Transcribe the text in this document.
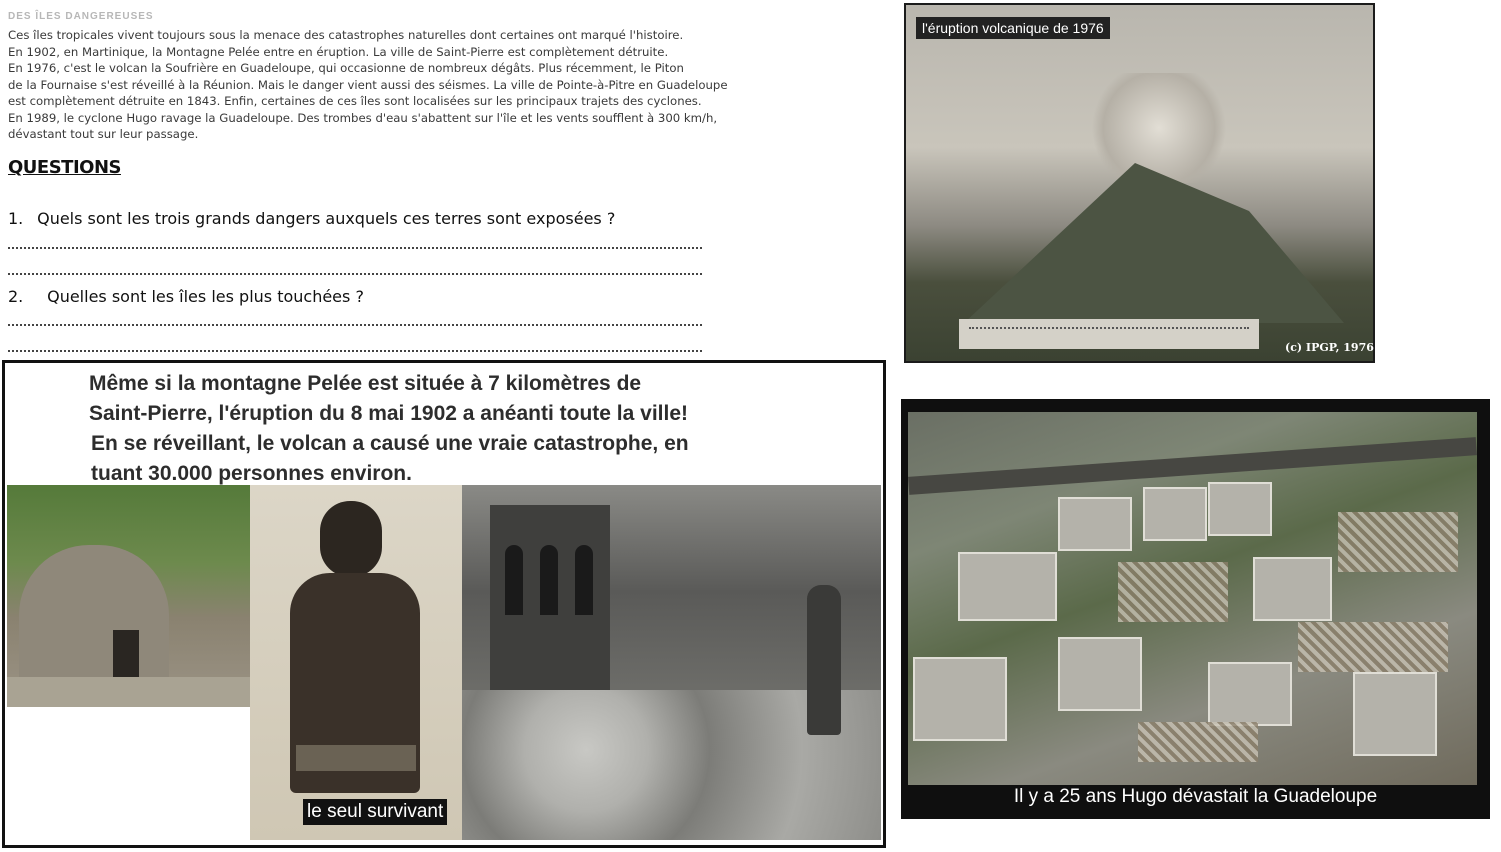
DES ÎLES DANGEREUSES
Ces îles tropicales vivent toujours sous la menace des catastrophes naturelles dont certaines ont marqué l'histoire.
En 1902, en Martinique, la Montagne Pelée entre en éruption. La ville de Saint-Pierre est complètement détruite.
En 1976, c'est le volcan la Soufrière en Guadeloupe, qui occasionne de nombreux dégâts. Plus récemment, le Piton
de la Fournaise s'est réveillé à la Réunion. Mais le danger vient aussi des séismes. La ville de Pointe-à-Pitre en Guadeloupe
est complètement détruite en 1843. Enfin, certaines de ces îles sont localisées sur les principaux trajets des cyclones.
En 1989, le cyclone Hugo ravage la Guadeloupe. Des trombes d'eau s'abattent sur l'île et les vents soufflent à 300 km/h,
dévastant tout sur leur passage.
QUESTIONS
1. Quels sont les trois grands dangers auxquels ces terres sont exposées ?
2. Quelles sont les îles les plus touchées ?
Même si la montagne Pelée est située à 7 kilomètres de
Saint-Pierre, l'éruption du 8 mai 1902 a anéanti toute la ville!
En se réveillant, le volcan a causé une vraie catastrophe, en
tuant 30.000 personnes environ.
le seul survivant
l'éruption volcanique de 1976
(c) IPGP, 1976
Il y a 25 ans Hugo dévastait la Guadeloupe
